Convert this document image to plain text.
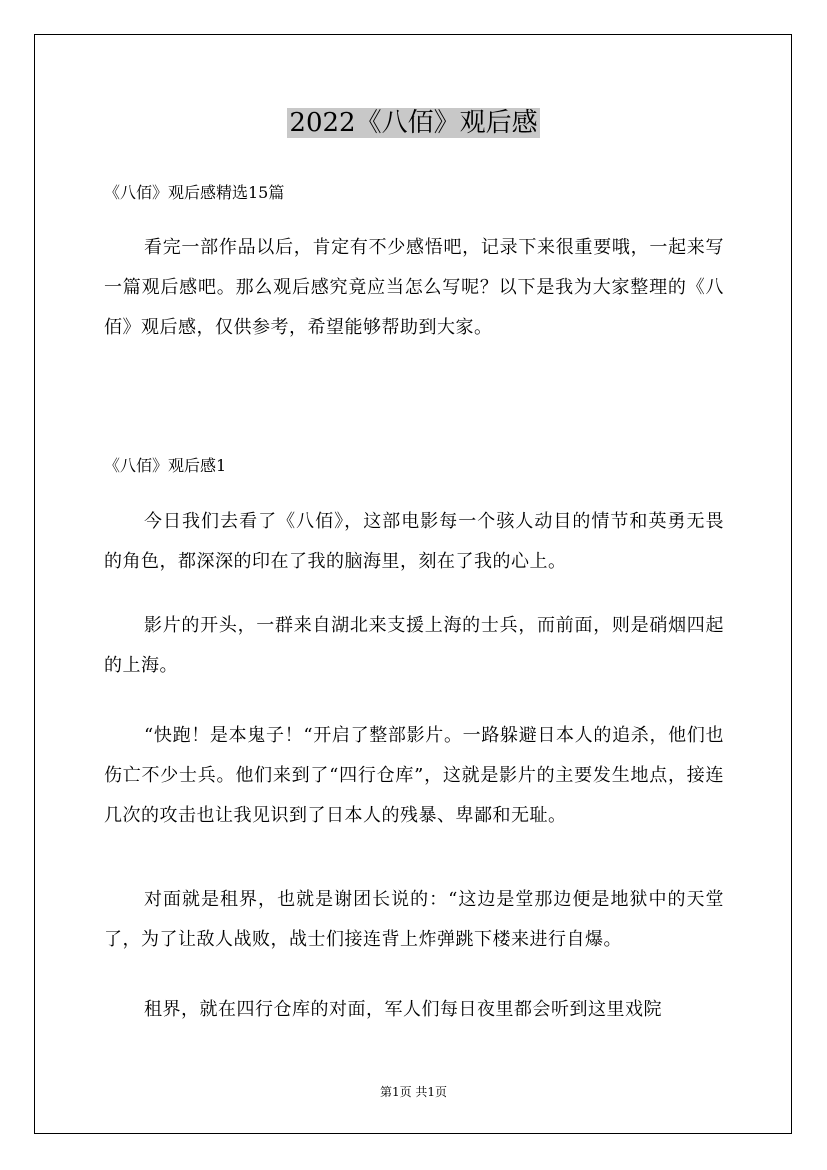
2022《八佰》观后感

《八佰》观后感精选15篇

看完一部作品以后，肯定有不少感悟吧，记录下来很重要哦，一起来写一篇观后感吧。那么观后感究竟应当怎么写呢？以下是我为大家整理的《八佰》观后感，仅供参考，希望能够帮助到大家。

《八佰》观后感1

今日我们去看了《八佰》，这部电影每一个骇人动目的情节和英勇无畏的角色，都深深的印在了我的脑海里，刻在了我的心上。

影片的开头，一群来自湖北来支援上海的士兵，而前面，则是硝烟四起的上海。

“快跑！是本鬼子！“开启了整部影片。一路躲避日本人的追杀，他们也伤亡不少士兵。他们来到了“四行仓库”，这就是影片的主要发生地点，接连几次的攻击也让我见识到了日本人的残暴、卑鄙和无耻。

对面就是租界，也就是谢团长说的：“这边是堂那边便是地狱中的天堂了，为了让敌人战败，战士们接连背上炸弹跳下楼来进行自爆。

租界，就在四行仓库的对面，军人们每日夜里都会听到这里戏院

第1页 共1页
